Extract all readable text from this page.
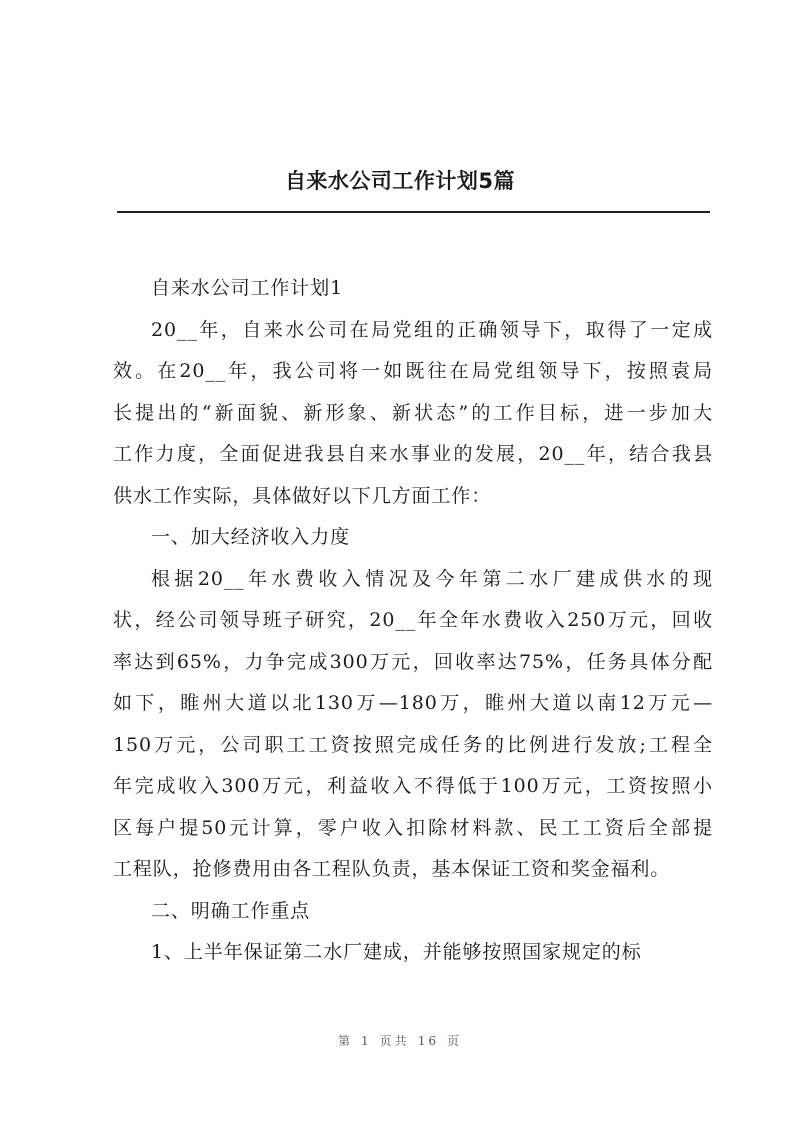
自来水公司工作计划5篇
自来水公司工作计划1
20__年，自来水公司在局党组的正确领导下，取得了一定成
效。在20__年，我公司将一如既往在局党组领导下，按照袁局
长提出的“新面貌、新形象、新状态”的工作目标，进一步加大
工作力度，全面促进我县自来水事业的发展，20__年，结合我县
供水工作实际，具体做好以下几方面工作：
一、加大经济收入力度
根据20__年水费收入情况及今年第二水厂建成供水的现
状，经公司领导班子研究，20__年全年水费收入250万元，回收
率达到65%，力争完成300万元，回收率达75%，任务具体分配
如下，睢州大道以北130万—180万，睢州大道以南12万元—
150万元，公司职工工资按照完成任务的比例进行发放;工程全
年完成收入300万元，利益收入不得低于100万元，工资按照小
区每户提50元计算，零户收入扣除材料款、民工工资后全部提
工程队，抢修费用由各工程队负责，基本保证工资和奖金福利。
二、明确工作重点
1、上半年保证第二水厂建成，并能够按照国家规定的标
第 1 页共 16 页
